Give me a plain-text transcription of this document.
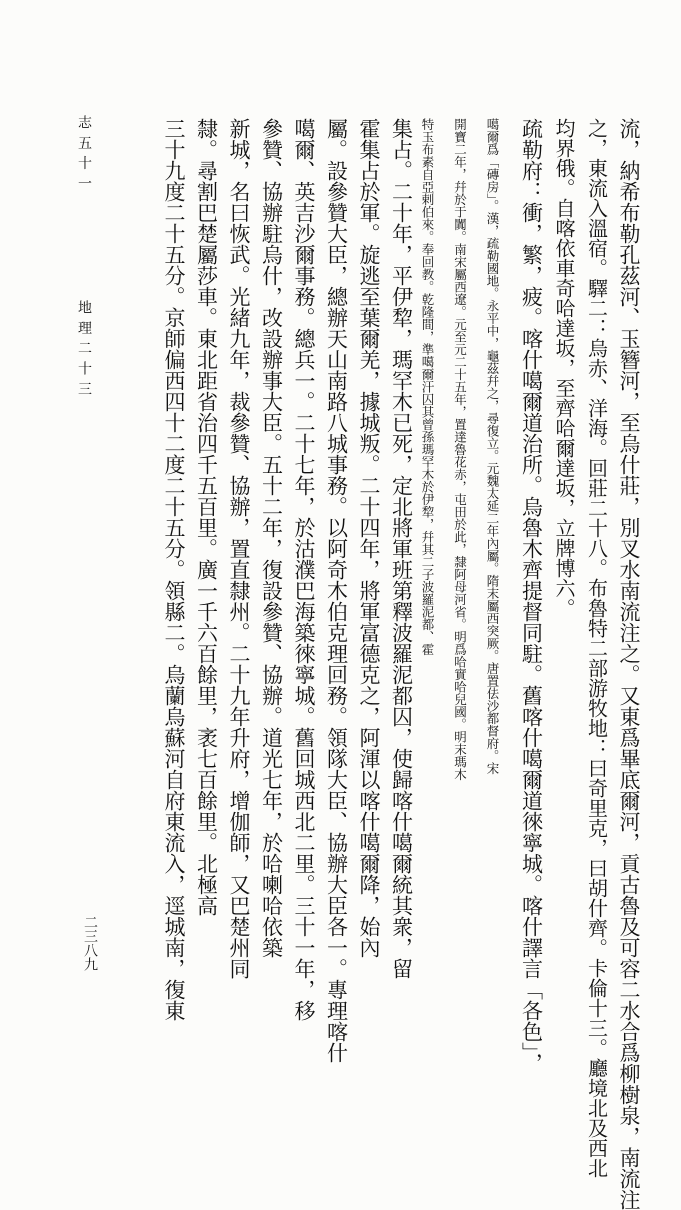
流，納希布勒孔茲河、玉簪河，至烏什莊，別叉水南流注之。又東爲畢底爾河，貢古魯及可容二水合爲柳樹泉，南流注
之，東流入溫宿。驛二：烏赤、洋海。回莊二十八。布魯特二部游牧地：曰奇里克，曰胡什齊。卡倫十三。廳境北及西北
均界俄。自喀依車奇哈達坂，至齊哈爾達坂，立牌博六。
疏勒府：衝，繁，疲。喀什噶爾道治所。烏魯木齊提督同駐。舊喀什噶爾道徠寧城。喀什譯言「各色」，
噶爾爲「磚房」。漢，疏勒國地。永平中，龜茲幷之，尋復立。元魏太延二年內屬。隋末屬西突厥。唐置佉沙都督府。宋
開寶二年，幷於于闐。南宋屬西遼。元至元二十五年，置達魯花赤，屯田於此，隸阿母河省。明爲哈實哈兒國。明末瑪木
特玉布素自亞剌伯來。奉回教。乾隆間，準噶爾汗囚其曾孫瑪罕木於伊犂，幷其二子波羅泥都、霍
集占。二十年，平伊犂，瑪罕木已死，定北將軍班第釋波羅泥都囚，使歸喀什噶爾統其衆，留
霍集占於軍。旋逃至葉爾羌，據城叛。二十四年，將軍富德克之，阿渾以喀什噶爾降，始內
屬。設參贊大臣，總辦天山南路八城事務。以阿奇木伯克理回務。領隊大臣、協辦大臣各一。專理喀什
噶爾、英吉沙爾事務。總兵一。二十七年，於沽濮巴海築徠寧城。舊回城西北二里。三十一年，移
參贊、協辦駐烏什，改設辦事大臣。五十二年，復設參贊、協辦。道光七年，於哈喇哈依築
新城，名曰恢武。光緒九年，裁參贊、協辦，置直隸州。二十九年升府，增伽師，又巴楚州同
隸。尋割巴楚屬莎車。東北距省治四千五百里。廣一千六百餘里，袤七百餘里。北極高
三十九度二十五分。京師偏西四十二度二十五分。領縣二。烏蘭烏蘇河自府東流入，逕城南，復東
志 五 十 一
地 理 二 十 三
二三八九
